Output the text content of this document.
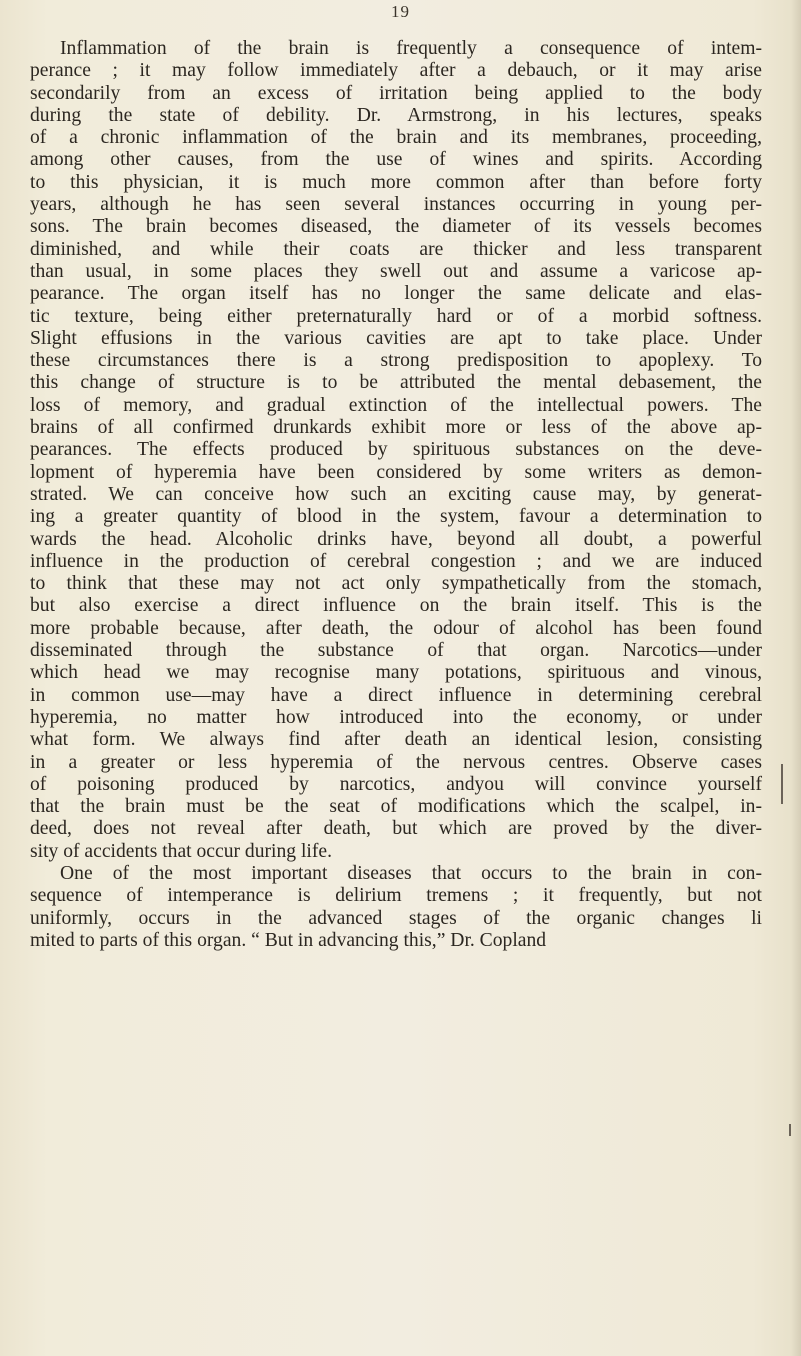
19
Inflammation of the brain is frequently a consequence of intem-
perance ; it may follow immediately after a debauch, or it may arise
secondarily from an excess of irritation being applied to the body
during the state of debility. Dr. Armstrong, in his lectures, speaks
of a chronic inflammation of the brain and its membranes, proceeding,
among other causes, from the use of wines and spirits. According
to this physician, it is much more common after than before forty
years, although he has seen several instances occurring in young per-
sons. The brain becomes diseased, the diameter of its vessels becomes
diminished, and while their coats are thicker and less transparent
than usual, in some places they swell out and assume a varicose ap-
pearance. The organ itself has no longer the same delicate and elas-
tic texture, being either preternaturally hard or of a morbid softness.
Slight effusions in the various cavities are apt to take place. Under
these circumstances there is a strong predisposition to apoplexy. To
this change of structure is to be attributed the mental debasement, the
loss of memory, and gradual extinction of the intellectual powers. The
brains of all confirmed drunkards exhibit more or less of the above ap-
pearances. The effects produced by spirituous substances on the deve-
lopment of hyperemia have been considered by some writers as demon-
strated. We can conceive how such an exciting cause may, by generat-
ing a greater quantity of blood in the system, favour a determination to
wards the head. Alcoholic drinks have, beyond all doubt, a powerful
influence in the production of cerebral congestion ; and we are induced
to think that these may not act only sympathetically from the stomach,
but also exercise a direct influence on the brain itself. This is the
more probable because, after death, the odour of alcohol has been found
disseminated through the substance of that organ. Narcotics—under
which head we may recognise many potations, spirituous and vinous,
in common use—may have a direct influence in determining cerebral
hyperemia, no matter how introduced into the economy, or under
what form. We always find after death an identical lesion, consisting
in a greater or less hyperemia of the nervous centres. Observe cases
of poisoning produced by narcotics, andyou will convince yourself
that the brain must be the seat of modifications which the scalpel, in-
deed, does not reveal after death, but which are proved by the diver-
sity of accidents that occur during life.
One of the most important diseases that occurs to the brain in con-
sequence of intemperance is delirium tremens ; it frequently, but not
uniformly, occurs in the advanced stages of the organic changes li
mited to parts of this organ. “ But in advancing this,” Dr. Copland
